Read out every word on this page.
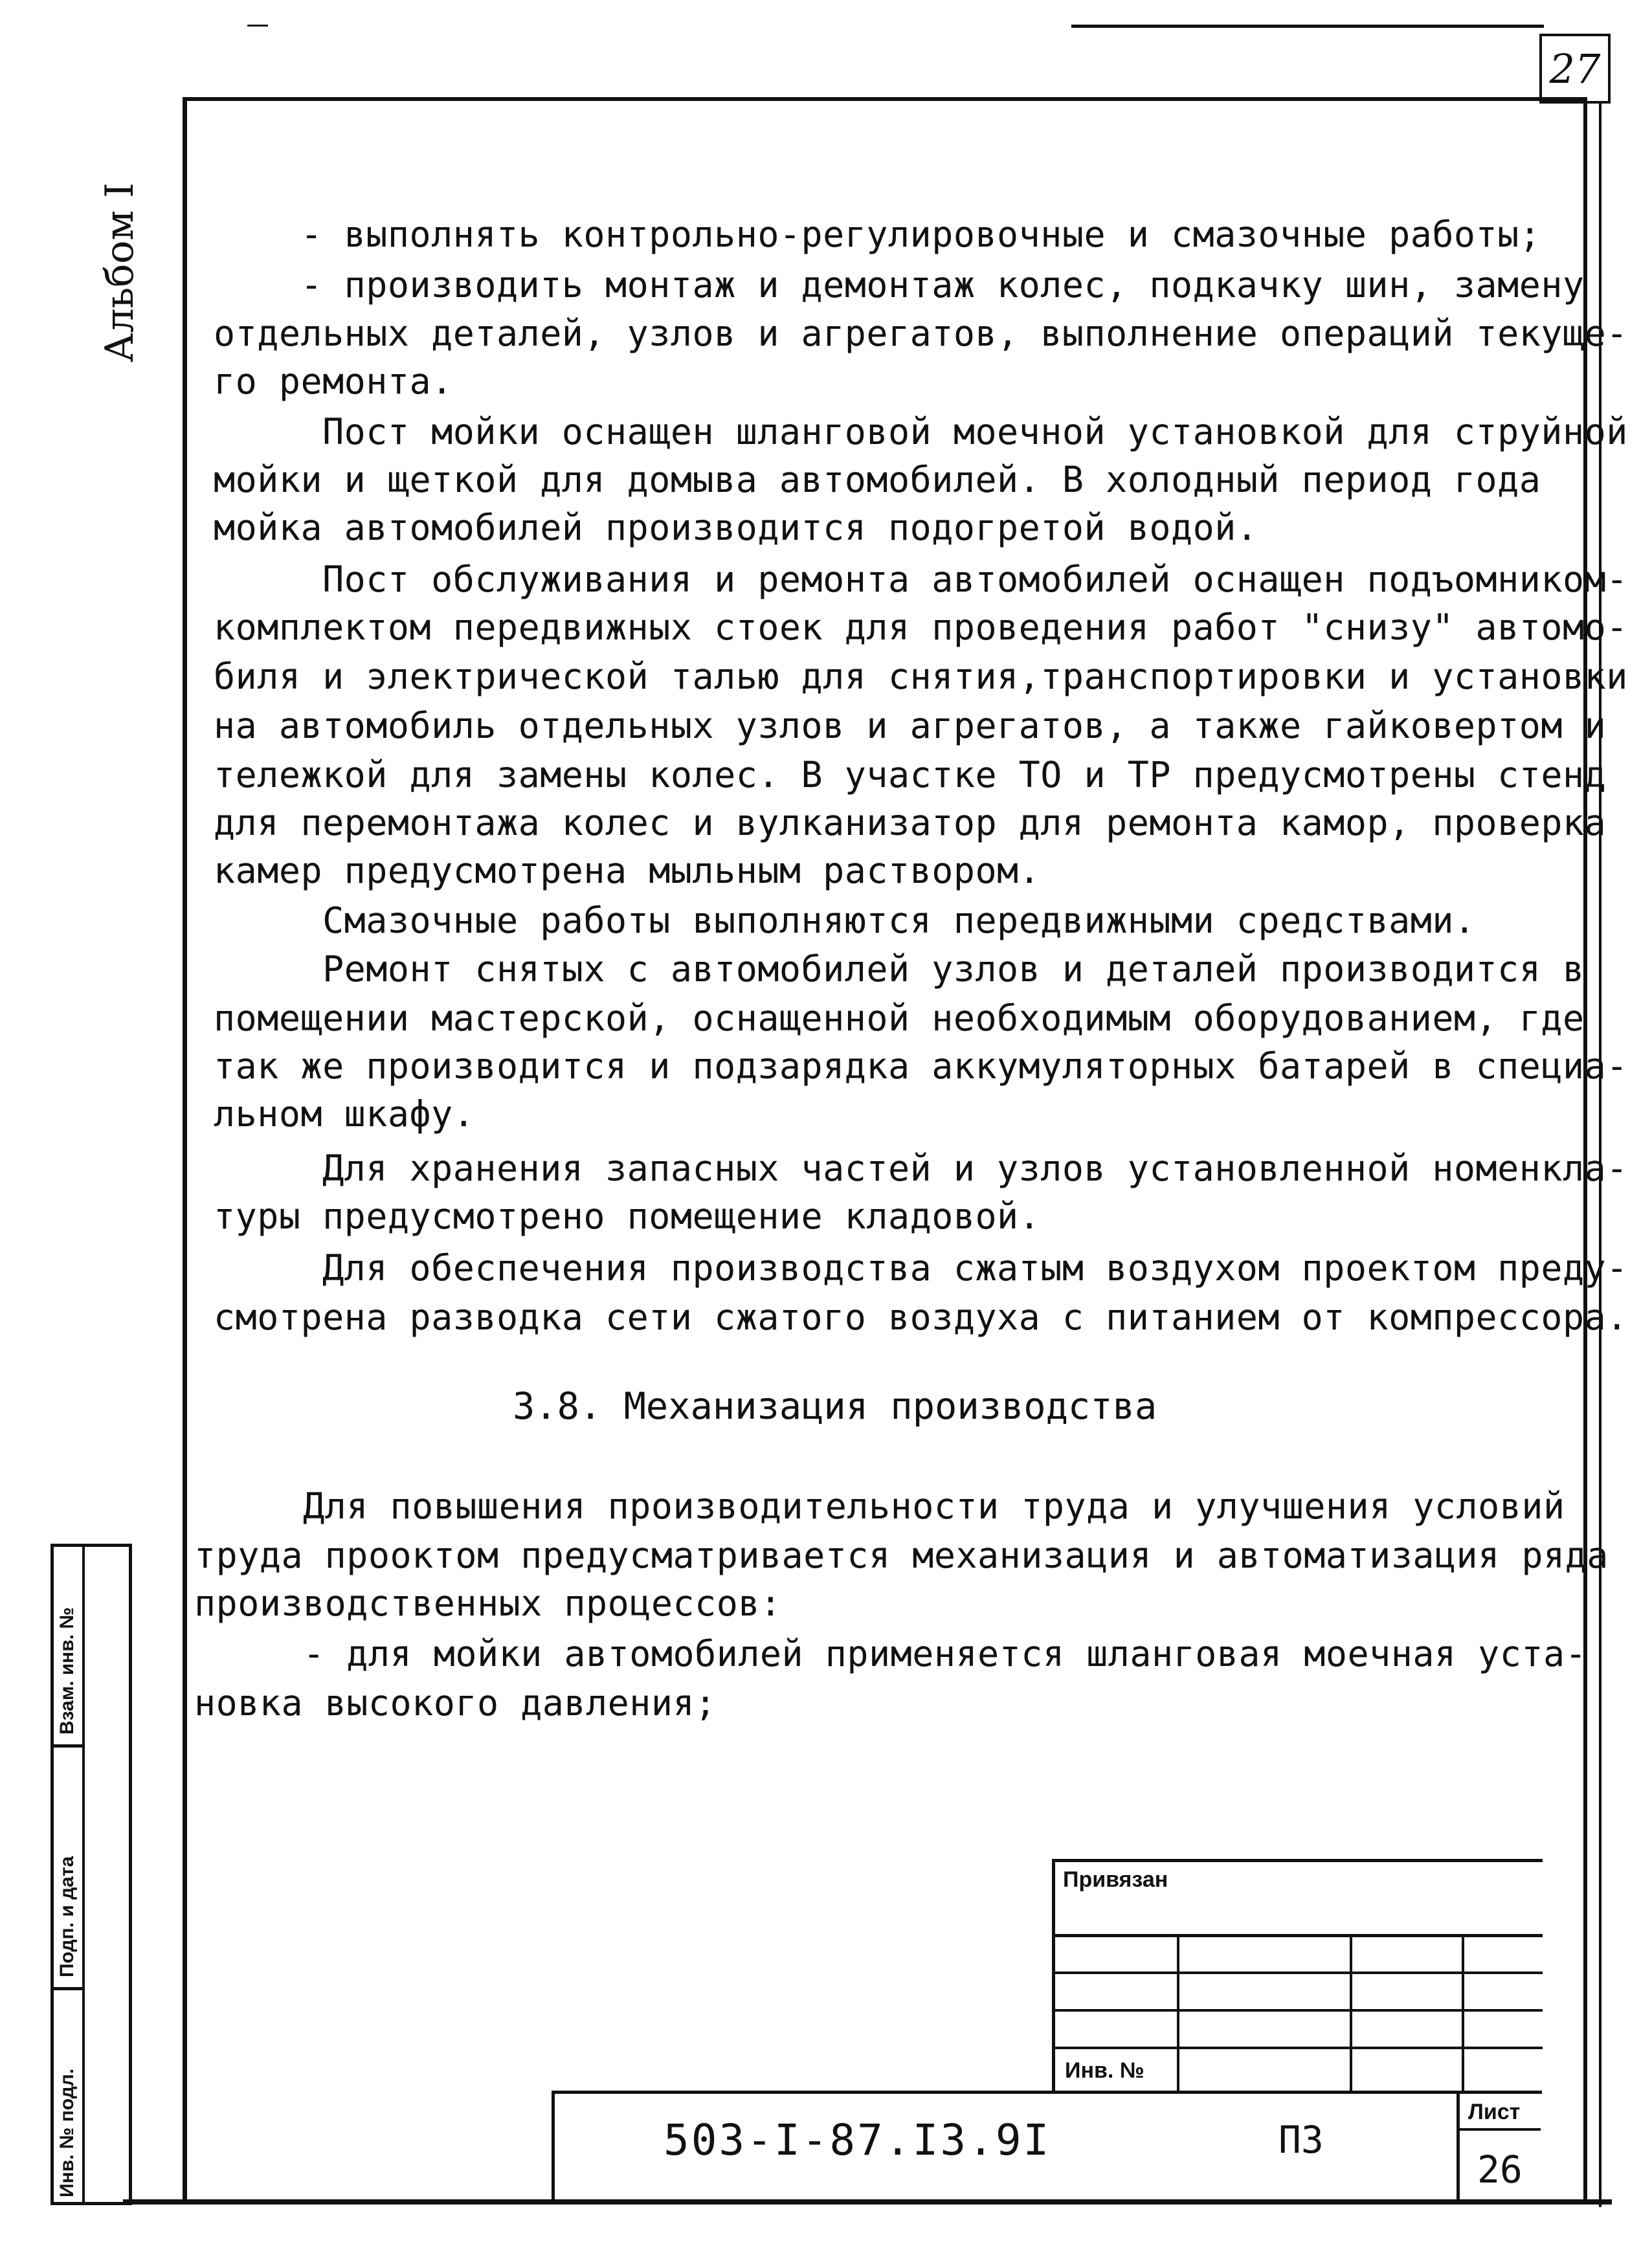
27
Альбом I - выполнять контрольно-регулировочные и смазочные работы;
- производить монтаж и демонтаж колес, подкачку шин, замену
отдельных деталей, узлов и агрегатов, выполнение операций текуще-
го ремонта.
Пост мойки оснащен шланговой моечной установкой для струйной
мойки и щеткой для домыва автомобилей. В холодный период года
мойка автомобилей производится подогретой водой.
Пост обслуживания и ремонта автомобилей оснащен подъомником-
комплектом передвижных стоек для проведения работ "снизу" автомо-
биля и электрической талью для снятия,транспортировки и установки
на автомобиль отдельных узлов и агрегатов, а также гайковертом и
тележкой для замены колес. В участке ТО и ТР предусмотрены стенд
для перемонтажа колес и вулканизатор для ремонта камор, проверка
камер предусмотрена мыльным раствором.
Смазочные работы выполняются передвижными средствами.
Ремонт снятых с автомобилей узлов и деталей производится в
помещении мастерской, оснащенной необходимым оборудованием, где
так же производится и подзарядка аккумуляторных батарей в специа-
льном шкафу.
Для хранения запасных частей и узлов установленной номенкла-
туры предусмотрено помещение кладовой.
Для обеспечения производства сжатым воздухом проектом преду-
смотрена разводка сети сжатого воздуха с питанием от компрессора.
3.8. Механизация производства
Для повышения производительности труда и улучшения условий
труда проoктом предусматривается механизация и автоматизация ряда
производственных процессов:
- для мойки автомобилей применяется шланговая моечная уста-
новка высокого давления;
Взам. инв. №
Подп. и дата
Инв. № подл.
Привязан
Инв. №
503-I-87.I3.9I	ПЗ
Лист
26
